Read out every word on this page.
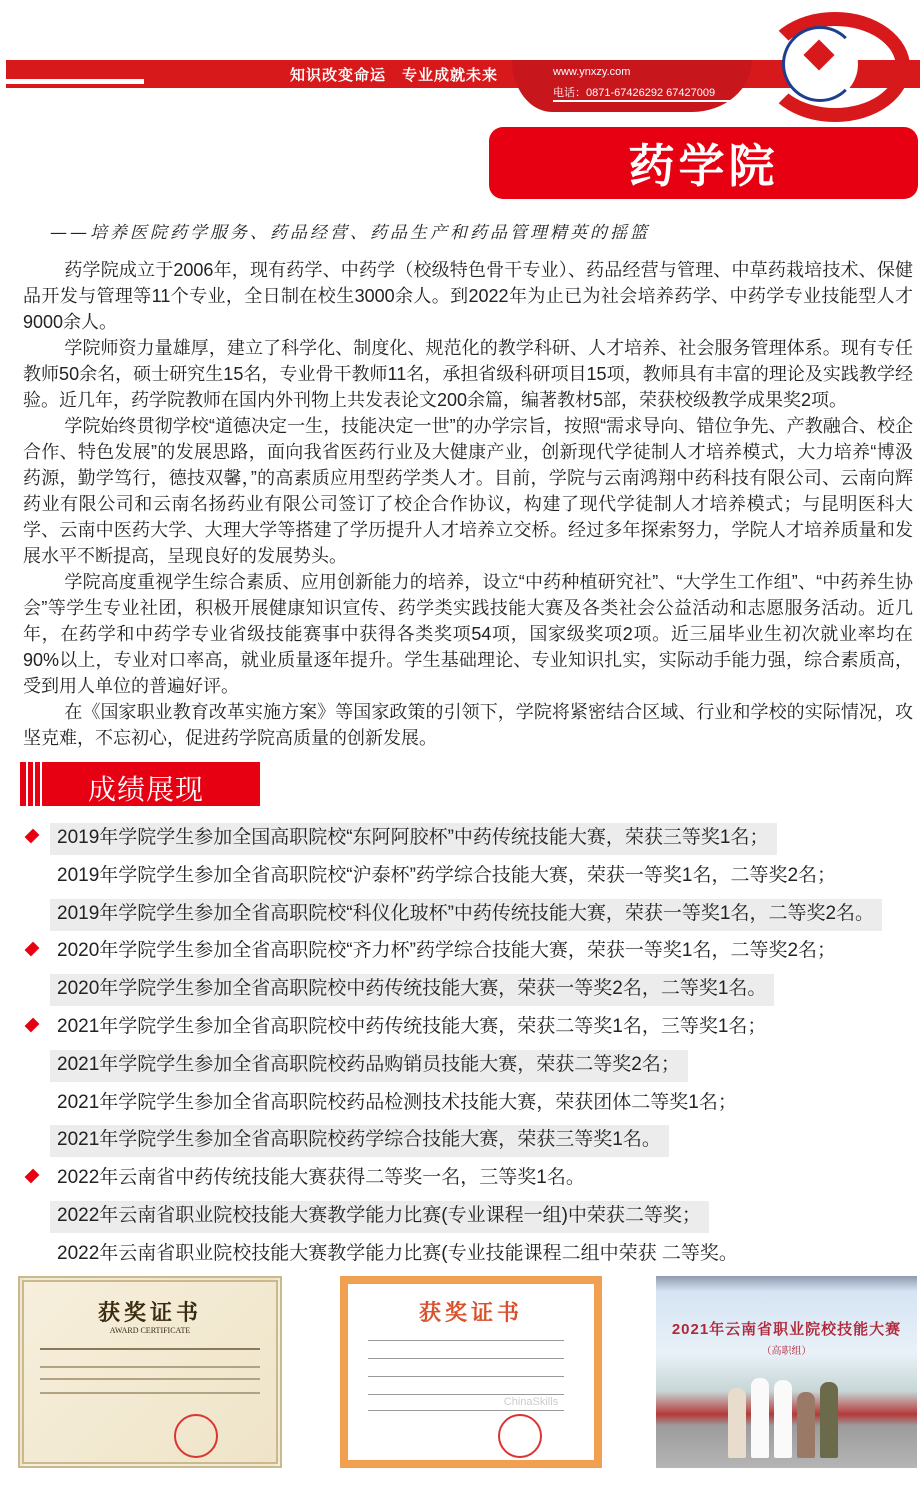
知识改变命运　专业成就未来	www.ynxzy.com
电话：0871-67426292 67427009
药学院
——培养医院药学服务、药品经营、药品生产和药品管理精英的摇篮

药学院成立于2006年，现有药学、中药学（校级特色骨干专业）、药品经营与管理、中草药栽培技术、保健品开发与管理等11个专业，全日制在校生3000余人。到2022年为止已为社会培养药学、中药学专业技能型人才9000余人。

学院师资力量雄厚，建立了科学化、制度化、规范化的教学科研、人才培养、社会服务管理体系。现有专任教师50余名，硕士研究生15名，专业骨干教师11名，承担省级科研项目15项，教师具有丰富的理论及实践教学经验。近几年，药学院教师在国内外刊物上共发表论文200余篇，编著教材5部，荣获校级教学成果奖2项。

学院始终贯彻学校“道德决定一生，技能决定一世”的办学宗旨，按照“需求导向、错位争先、产教融合、校企合作、特色发展”的发展思路，面向我省医药行业及大健康产业，创新现代学徒制人才培养模式，大力培养“博汲药源，勤学笃行，德技双馨，”的高素质应用型药学类人才。目前，学院与云南鸿翔中药科技有限公司、云南向辉药业有限公司和云南名扬药业有限公司签订了校企合作协议，构建了现代学徒制人才培养模式；与昆明医科大学、云南中医药大学、大理大学等搭建了学历提升人才培养立交桥。经过多年探索努力，学院人才培养质量和发展水平不断提高，呈现良好的发展势头。

学院高度重视学生综合素质、应用创新能力的培养，设立“中药种植研究社”、“大学生工作组”、“中药养生协会”等学生专业社团，积极开展健康知识宣传、药学类实践技能大赛及各类社会公益活动和志愿服务活动。近几年，在药学和中药学专业省级技能赛事中获得各类奖项54项，国家级奖项2项。近三届毕业生初次就业率均在90%以上，专业对口率高，就业质量逐年提升。学生基础理论、专业知识扎实，实际动手能力强，综合素质高，受到用人单位的普遍好评。

在《国家职业教育改革实施方案》等国家政策的引领下，学院将紧密结合区域、行业和学校的实际情况，攻坚克难，不忘初心，促进药学院高质量的创新发展。

成绩展现
2019年学院学生参加全国高职院校“东阿阿胶杯”中药传统技能大赛，荣获三等奖1名；
2019年学院学生参加全省高职院校“沪泰杯”药学综合技能大赛，荣获一等奖1名，二等奖2名；
2019年学院学生参加全省高职院校“科仪化玻杯”中药传统技能大赛，荣获一等奖1名，二等奖2名。
2020年学院学生参加全省高职院校“齐力杯”药学综合技能大赛，荣获一等奖1名，二等奖2名；
2020年学院学生参加全省高职院校中药传统技能大赛，荣获一等奖2名，二等奖1名。
2021年学院学生参加全省高职院校中药传统技能大赛，荣获二等奖1名，三等奖1名；
2021年学院学生参加全省高职院校药品购销员技能大赛，荣获二等奖2名；
2021年学院学生参加全省高职院校药品检测技术技能大赛，荣获团体二等奖1名；
2021年学院学生参加全省高职院校药学综合技能大赛，荣获三等奖1名。
2022年云南省中药传统技能大赛获得二等奖一名，三等奖1名。
2022年云南省职业院校技能大赛教学能力比赛(专业课程一组)中荣获二等奖；
2022年云南省职业院校技能大赛教学能力比赛(专业技能课程二组中荣获 二等奖。
获奖证书
AWARD CERTIFICATE
获奖证书
ChinaSkills
2021年云南省职业院校技能大赛
（高职组）
